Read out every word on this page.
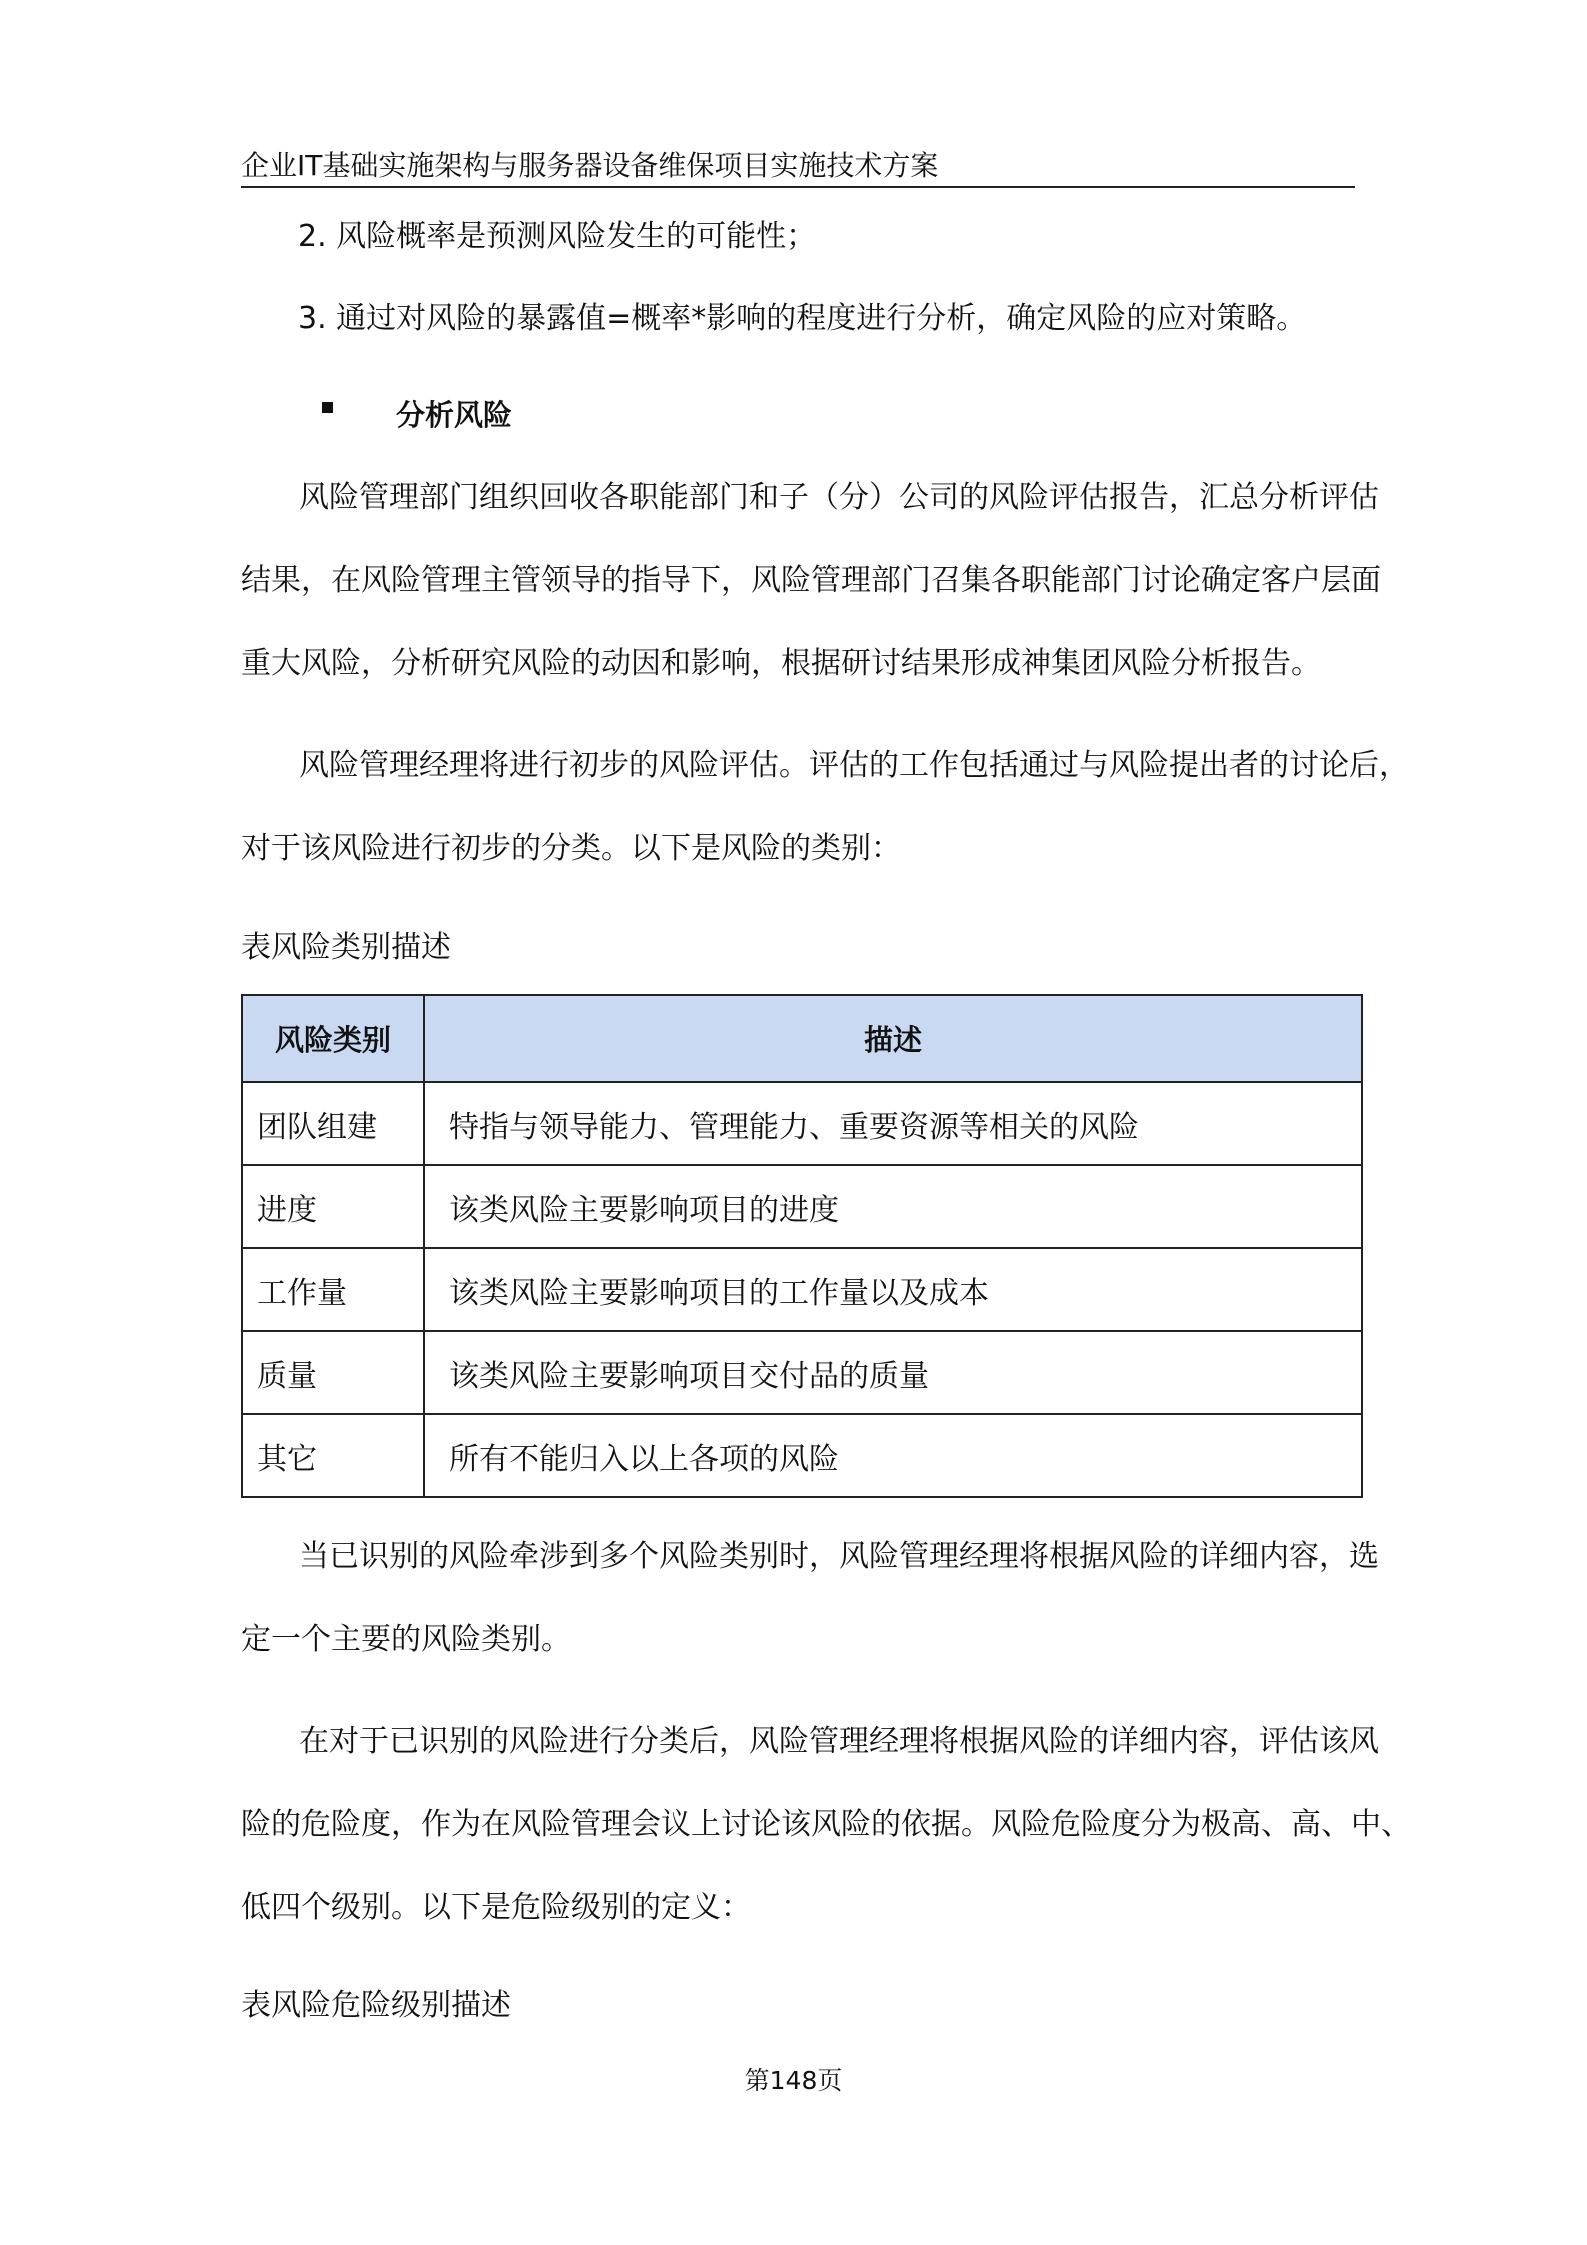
企业IT基础实施架构与服务器设备维保项目实施技术方案
2. 风险概率是预测风险发生的可能性；
3. 通过对风险的暴露值=概率*影响的程度进行分析，确定风险的应对策略。
分析风险
风险管理部门组织回收各职能部门和子（分）公司的风险评估报告，汇总分析评估
结果，在风险管理主管领导的指导下，风险管理部门召集各职能部门讨论确定客户层面
重大风险，分析研究风险的动因和影响，根据研讨结果形成神集团风险分析报告。
风险管理经理将进行初步的风险评估。评估的工作包括通过与风险提出者的讨论后，
对于该风险进行初步的分类。以下是风险的类别：
表风险类别描述
风险类别	描述
团队组建	特指与领导能力、管理能力、重要资源等相关的风险
进度	该类风险主要影响项目的进度
工作量	该类风险主要影响项目的工作量以及成本
质量	该类风险主要影响项目交付品的质量
其它	所有不能归入以上各项的风险
当已识别的风险牵涉到多个风险类别时，风险管理经理将根据风险的详细内容，选
定一个主要的风险类别。
在对于已识别的风险进行分类后，风险管理经理将根据风险的详细内容，评估该风
险的危险度，作为在风险管理会议上讨论该风险的依据。风险危险度分为极高、高、中、
低四个级别。以下是危险级别的定义：
表风险危险级别描述
第148页
